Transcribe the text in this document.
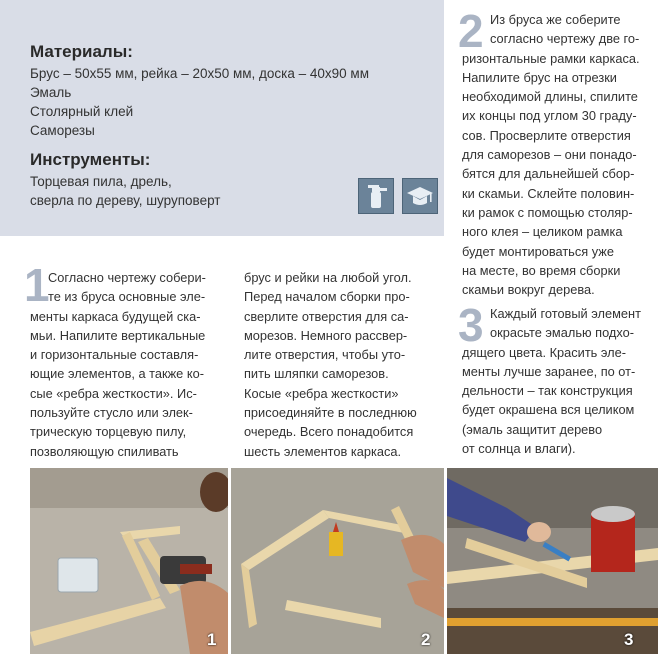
Материалы:
Брус – 50x55 мм, рейка – 20x50 мм, доска – 40x90 мм
Эмаль
Столярный клей
Саморезы
Инструменты:
Торцевая пила, дрель,
сверла по дереву, шуруповерт
2 Из бруса же соберите
согласно чертежу две го-
ризонтальные рамки каркаса.
Напилите брус на отрезки
необходимой длины, спилите
их концы под углом 30 граду-
сов. Просверлите отверстия
для саморезов – они понадо-
бятся для дальнейшей сбор-
ки скамьи. Склейте половин-
ки рамок с помощью столяр-
ного клея – целиком рамка
будет монтироваться уже
на месте, во время сборки
скамьи вокруг дерева.
1
Согласно чертежу собери-
те из бруса основные эле-
менты каркаса будущей ска-
мьи. Напилите вертикальные
и горизонтальные составля-
ющие элементов, а также ко-
сые «ребра жесткости». Ис-
пользуйте стусло или элек-
трическую торцевую пилу,
позволяющую спиливать
брус и рейки на любой угол.
Перед началом сборки про-
сверлите отверстия для са-
морезов. Немного рассвер-
лите отверстия, чтобы уто-
пить шляпки саморезов.
Косые «ребра жесткости»
присоединяйте в последнюю
очередь. Всего понадобится
шесть элементов каркаса.
3 Каждый готовый элемент
окрасьте эмалью подхо-
дящего цвета. Красить эле-
менты лучше заранее, по от-
дельности – так конструкция
будет окрашена вся целиком
(эмаль защитит дерево
от солнца и влаги).
1	2	3
